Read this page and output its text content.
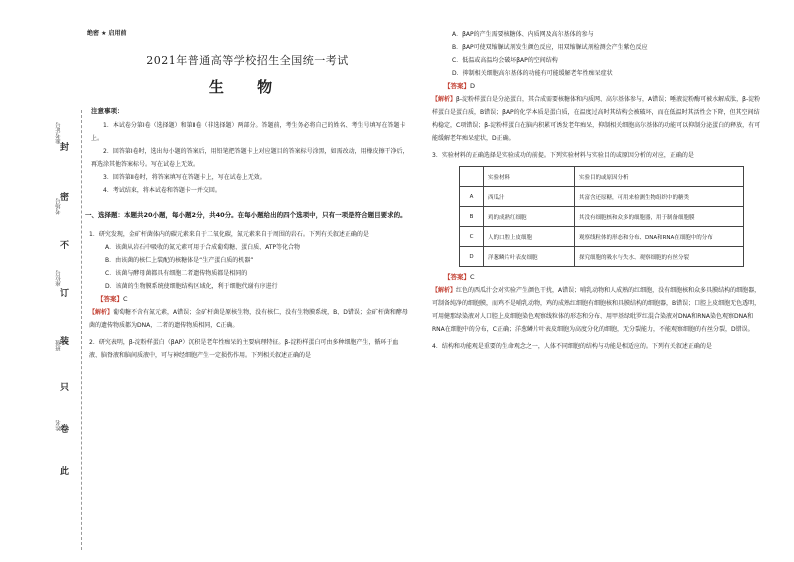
封
密
不
订
装
只
卷
此
准考证号
考场号
座位号
班级
姓名
绝密 ★ 启用前
2021年普通高等学校招生全国统一考试
生 物
注意事项：

1．本试卷分第Ⅰ卷（选择题）和第Ⅱ卷（非选择题）两部分。答题前，考生务必将自己的姓名、考生号填写在答题卡上。

2．回答第Ⅰ卷时，选出每小题的答案后，用铅笔把答题卡上对应题目的答案标号涂黑，如需改动，用橡皮擦干净后，再选涂其他答案标号。写在试卷上无效。

3．回答第Ⅱ卷时，将答案填写在答题卡上，写在试卷上无效。

4．考试结束，将本试卷和答题卡一并交回。

一、选择题：本题共20小题，每小题2分，共40分。在每小题给出的四个选项中，只有一项是符合题目要求的。

1．研究发现，金矿杆菌体内的碳元素来自于二氧化碳，氮元素来自于周围的岩石。下列有关叙述正确的是

A．该菌从岩石中吸收的氮元素可用于合成葡萄糖、蛋白质、ATP等化合物

B．由该菌的核仁上装配的核糖体是“生产蛋白质的机器”

C．该菌与酵母菌都具有细胞二者遗传物质都是相同的

D．该菌的生物膜系统使细胞结构区域化，利于细胞代谢有序进行

【答案】C

【解析】葡萄糖不含有氮元素，A错误；金矿杆菌是原核生物，没有核仁，没有生物膜系统，B、D错误；金矿杆菌和酵母菌的遗传物质都为DNA，二者的遗传物质相同，C正确。

2．研究表明，β-淀粉样蛋白（βAP）沉积是老年性痴呆的主要病理特征。β-淀粉样蛋白可由多种细胞产生，循环于血液、脑脊液和脑间质液中，可与神经细胞产生一定损伤作用。下列相关叙述正确的是

A．βAP的产生需要核糖体、内质网及高尔基体的参与

B．βAP可使双缩脲试剂发生颜色反应，用双缩脲试剂检测会产生紫色反应

C．低温或高温均会破坏βAP的空间结构

D．抑制相关细胞高尔基体的功能有可能缓解老年性痴呆症状

【答案】D

【解析】β-淀粉样蛋白是分泌蛋白，其合成需要核糖体和内质网、高尔基体参与，A错误；唾液淀粉酶可被水解成肽，β-淀粉样蛋白是蛋白质，B错误；βAP的化学本质是蛋白质，在温度过高时其结构会被破坏，而在低温时其活性会下降，但其空间结构稳定，C项错误；β-淀粉样蛋白在脑内积累可诱发老年痴呆，抑制相关细胞高尔基体的功能可以抑制分泌蛋白的释放，有可能缓解老年痴呆症状，D正确。

3．实验材料的正确选择是实验成功的前提。下列实验材料与实验目的或原因分析的对应，正确的是

	实验材料	实验目的或原因分析
A	西瓜汁	其富含还原糖，可用来检测生物组织中的糖类
B	鸡的成熟红细胞	其没有细胞核和众多的细胞器，用于制备细胞膜
C	人的口腔上皮细胞	观察线粒体的形态和分布、DNA和RNA在细胞中的分布
D	洋葱鳞片叶表皮细胞	探究细胞的吸水与失水、观察细胞的有丝分裂

【答案】C

【解析】红色的西瓜汁会对实验产生颜色干扰，A错误；哺乳动物和人成熟的红细胞，没有细胞核和众多具膜结构的细胞器，可制备纯净的细胞膜，而鸡不是哺乳动物，鸡的成熟红细胞有细胞核和具膜结构的细胞器，B错误；口腔上皮细胞无色透明，可用健那绿染液对人口腔上皮细胞染色观察线粒体的形态和分布、用甲基绿吡罗红混合染液对DNA和RNA染色观察DNA和RNA在细胞中的分布，C正确；洋葱鳞片叶表皮细胞为高度分化的细胞，无分裂能力，不能观察细胞的有丝分裂，D错误。

4．结构和功能观是重要的生命观念之一，人体不同细胞的结构与功能是相适应的。下列有关叙述正确的是
